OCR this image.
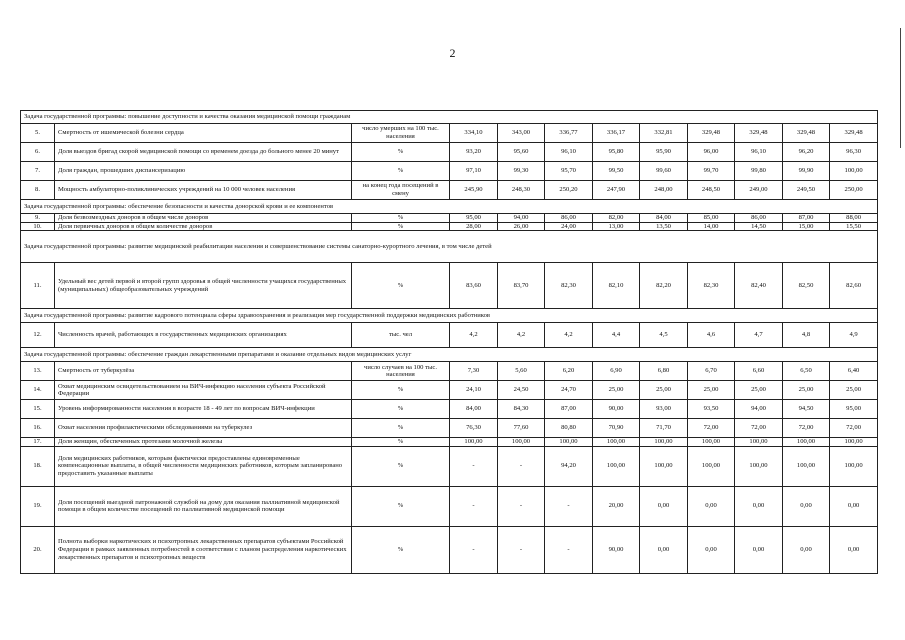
2
Задача государственной программы: повышение доступности и качества оказания медицинской помощи гражданам											
5.	Смертность от ишемической болезни сердца	число умерших на 100 тыс. населения	334,10	343,00	336,77	336,17	332,81	329,48	329,48	329,48	329,48
6.	Доля выездов бригад скорой медицинской помощи со временем доезда до больного менее 20 минут	%	93,20	95,60	96,10	95,80	95,90	96,00	96,10	96,20	96,30
7.	Доля граждан, прошедших диспансеризацию	%	97,10	99,30	95,70	99,50	99,60	99,70	99,80	99,90	100,00
8.	Мощность амбулаторно-поликлинических учреждений на 10 000 человек населения	на конец года посещений в смену	245,90	248,30	250,20	247,90	248,00	248,50	249,00	249,50	250,00
Задача государственной программы: обеспечение безопасности и качества донорской крови и ее компонентов											
9.	Доля безвозмездных доноров в общем числе доноров	%	95,00	94,00	86,00	82,00	84,00	85,00	86,00	87,00	88,00
10.	Доля первичных доноров в общем количестве доноров	%	28,00	26,00	24,00	13,00	13,50	14,00	14,50	15,00	15,50
Задача государственной программы: развитие медицинской реабилитации населения и совершенствование системы санаторно-курортного лечения, в том числе детей											
11.	Удельный вес детей первой и второй групп здоровья в общей численности учащихся государственных (муниципальных) общеобразовательных учреждений	%	83,60	83,70	82,30	82,10	82,20	82,30	82,40	82,50	82,60
Задача государственной программы: развитие кадрового потенциала сферы здравоохранения и реализация мер государственной поддержки медицинских работников											
12.	Численность врачей, работающих в государственных медицинских организациях	тыс. чел	4,2	4,2	4,2	4,4	4,5	4,6	4,7	4,8	4,9
Задача государственной программы: обеспечение граждан лекарственными препаратами и оказание отдельных видов медицинских услуг											
13.	Смертность от туберкулёза	число случаев на 100 тыс. населения	7,30	5,60	6,20	6,90	6,80	6,70	6,60	6,50	6,40
14.	Охват медицинским освидетельствованием на ВИЧ-инфекцию населения субъекта Российской Федерации	%	24,10	24,50	24,70	25,00	25,00	25,00	25,00	25,00	25,00
15.	Уровень информированности населения в возрасте 18 - 49 лет по вопросам ВИЧ-инфекции	%	84,00	84,30	87,00	90,00	93,00	93,50	94,00	94,50	95,00
16.	Охват населения профилактическими обследованиями на туберкулез	%	76,30	77,60	80,80	70,90	71,70	72,00	72,00	72,00	72,00
17.	Доля женщин, обеспеченных протезами молочной железы	%	100,00	100,00	100,00	100,00	100,00	100,00	100,00	100,00	100,00
18.	Доля медицинских работников, которым фактически предоставлены единовременные компенсационные выплаты, в общей численности медицинских работников, которым запланировано предоставить указанные выплаты	%	-	-	94,20	100,00	100,00	100,00	100,00	100,00	100,00
19.	Доля посещений выездной патронажной службой на дому для оказания паллиативной медицинской помощи в общем количестве посещений по паллиативной медицинской помощи	%	-	-	-	20,00	0,00	0,00	0,00	0,00	0,00
20.	Полнота выборки наркотических и психотропных лекарственных препаратов субъектами Российской Федерации в рамках заявленных потребностей в соответствии с планом распределения наркотических лекарственных препаратов и психотропных веществ	%	-	-	-	90,00	0,00	0,00	0,00	0,00	0,00
